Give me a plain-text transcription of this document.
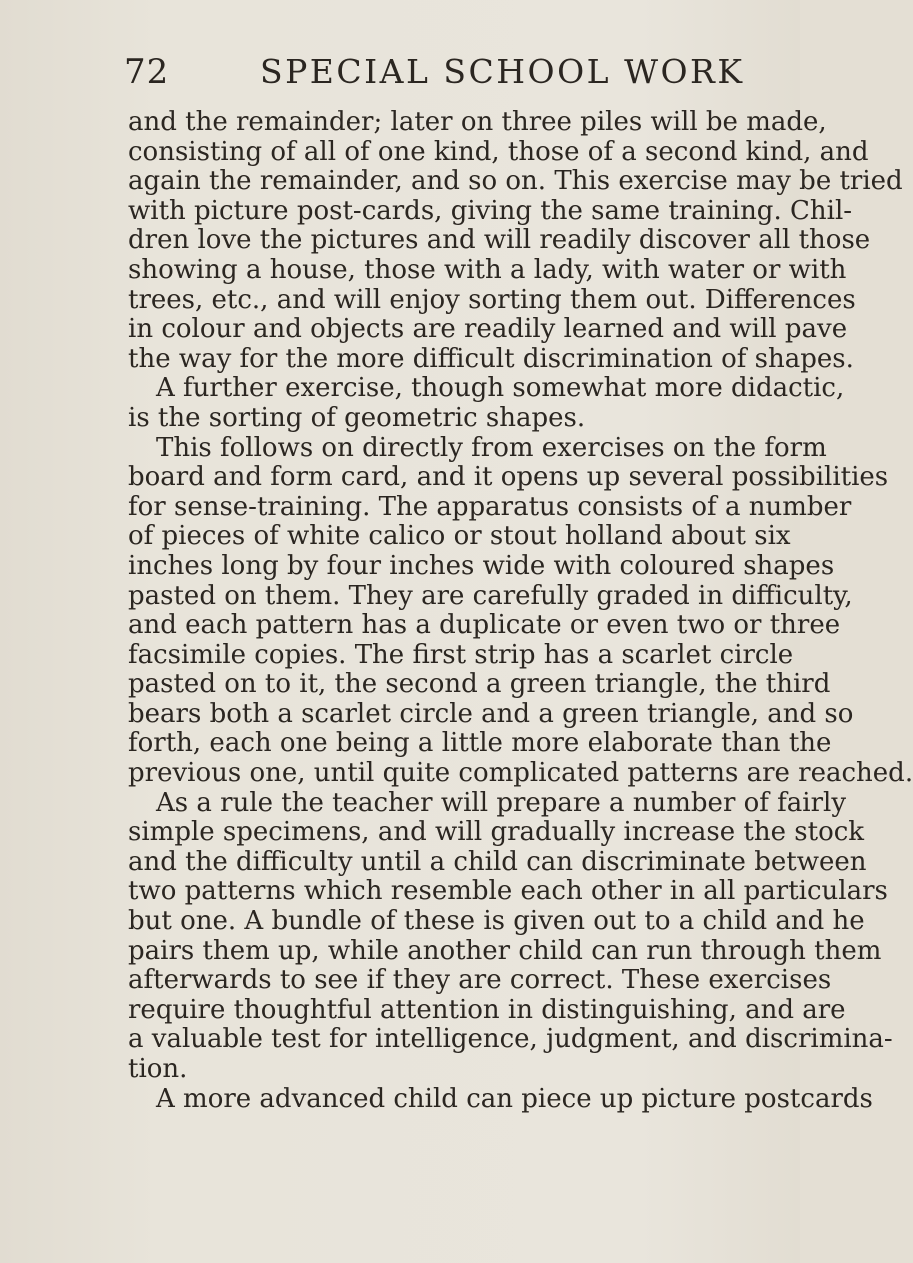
72	SPECIAL SCHOOL WORK
and the remainder; later on three piles will be made,
consisting of all of one kind, those of a second kind, and
again the remainder, and so on. This exercise may be tried
with picture post-cards, giving the same training. Chil-
dren love the pictures and will readily discover all those
showing a house, those with a lady, with water or with
trees, etc., and will enjoy sorting them out. Differences
in colour and objects are readily learned and will pave
the way for the more difficult discrimination of shapes.
A further exercise, though somewhat more didactic,
is the sorting of geometric shapes.
This follows on directly from exercises on the form
board and form card, and it opens up several possibilities
for sense-training. The apparatus consists of a number
of pieces of white calico or stout holland about six
inches long by four inches wide with coloured shapes
pasted on them. They are carefully graded in difficulty,
and each pattern has a duplicate or even two or three
facsimile copies. The first strip has a scarlet circle
pasted on to it, the second a green triangle, the third
bears both a scarlet circle and a green triangle, and so
forth, each one being a little more elaborate than the
previous one, until quite complicated patterns are reached.
As a rule the teacher will prepare a number of fairly
simple specimens, and will gradually increase the stock
and the difficulty until a child can discriminate between
two patterns which resemble each other in all particulars
but one. A bundle of these is given out to a child and he
pairs them up, while another child can run through them
afterwards to see if they are correct. These exercises
require thoughtful attention in distinguishing, and are
a valuable test for intelligence, judgment, and discrimina-
tion.
A more advanced child can piece up picture postcards
